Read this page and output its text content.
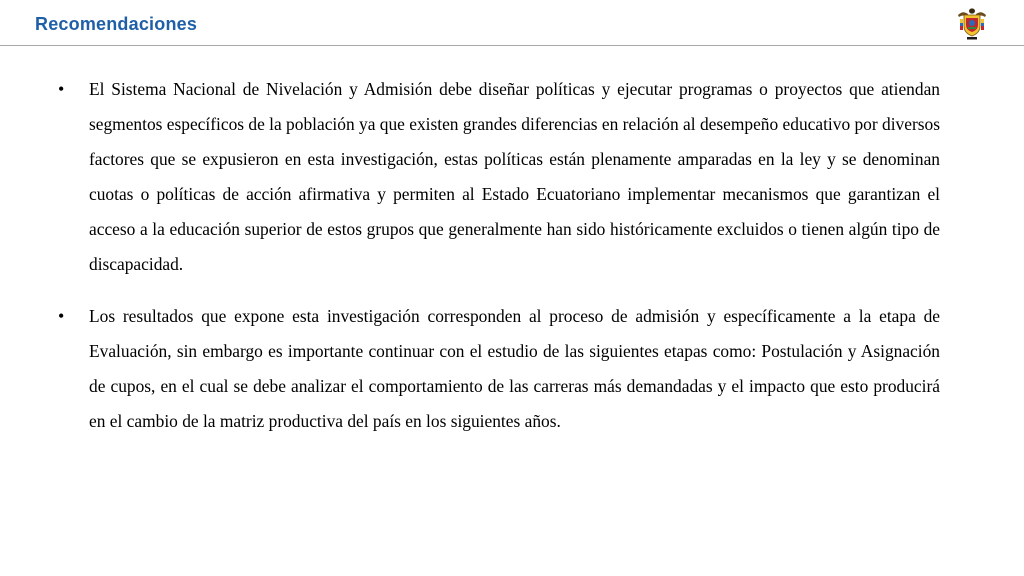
Recomendaciones
• El Sistema Nacional de Nivelación y Admisión debe diseñar políticas y ejecutar programas o proyectos que atiendan segmentos específicos de la población ya que existen grandes diferencias en relación al desempeño educativo por diversos factores que se expusieron en esta investigación, estas políticas están plenamente amparadas en la ley y se denominan cuotas o políticas de acción afirmativa y permiten al Estado Ecuatoriano implementar mecanismos que garantizan el acceso a la educación superior de estos grupos que generalmente han sido históricamente excluidos o tienen algún tipo de discapacidad.
• Los resultados que expone esta investigación corresponden al proceso de admisión y específicamente a la etapa de Evaluación, sin embargo es importante continuar con el estudio de las siguientes etapas como: Postulación y Asignación de cupos, en el cual se debe analizar el comportamiento de las carreras más demandadas y el impacto que esto producirá en el cambio de la matriz productiva del país en los siguientes años.
